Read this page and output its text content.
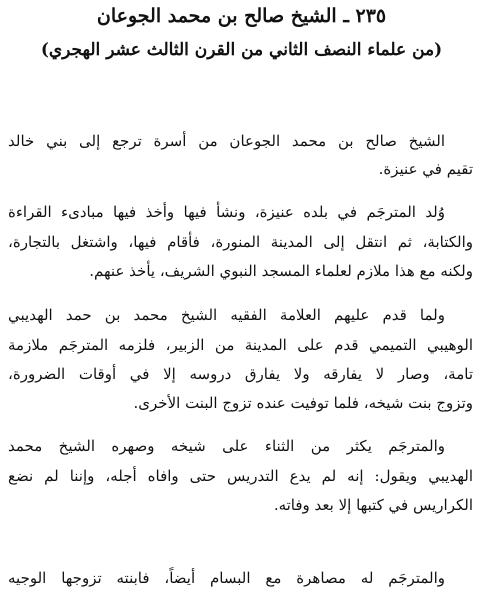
٢٣٥ ـ الشيخ صالح بن محمد الجوعان
(من علماء النصف الثاني من القرن الثالث عشر الهجري)
الشيخ صالح بن محمد الجوعان من أسرة ترجع إلى بني خالد
تقيم في عنيزة.
وُلد المترجَم في بلده عنيزة، ونشأ فيها وأخذ فيها مبادىء القراءة
والكتابة، ثم انتقل إلى المدينة المنورة، فأقام فيها، واشتغل بالتجارة،
ولكنه مع هذا ملازم لعلماء المسجد النبوي الشريف، يأخذ عنهم.
ولما قدم عليهم العلامة الفقيه الشيخ محمد بن حمد الهديبي
الوهيبي التميمي قدم على المدينة من الزبير، فلزمه المترجَم ملازمة
تامة، وصار لا يفارقه ولا يفارق دروسه إلا في أوقات الضرورة،
وتزوج بنت شيخه، فلما توفيت عنده تزوج البنت الأخرى.
والمترجَم يكثر من الثناء على شيخه وصهره الشيخ محمد
الهديبي ويقول: إنه لم يدع التدريس حتى وافاه أجله، وإننا لم نضع
الكراريس في كتبها إلا بعد وفاته.
والمترجَم له مصاهرة مع البسام أيضاً، فابنته تزوجها الوجيه
